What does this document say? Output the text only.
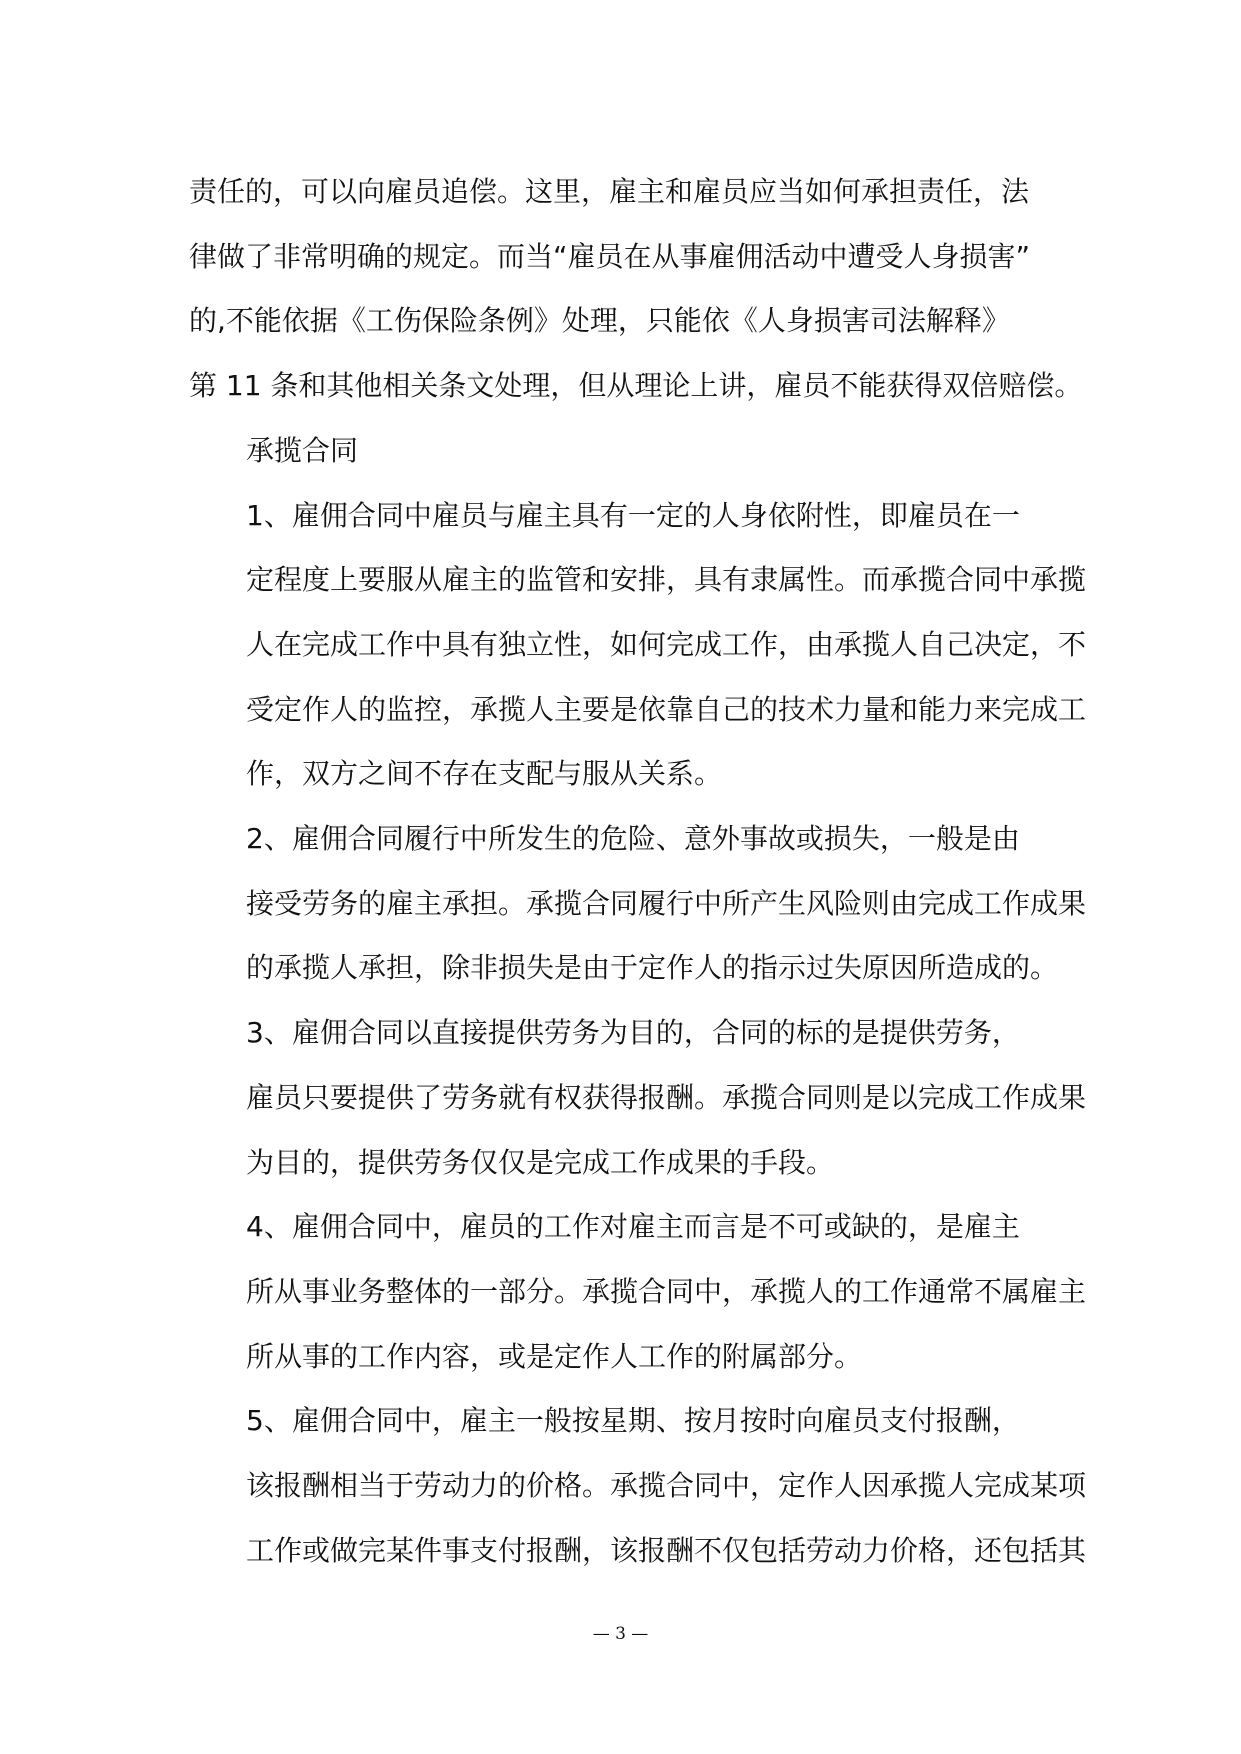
责任的，可以向雇员追偿。这里，雇主和雇员应当如何承担责任，法
律做了非常明确的规定。而当“雇员在从事雇佣活动中遭受人身损害”
的,不能依据《工伤保险条例》处理，只能依《人身损害司法解释》
第 11 条和其他相关条文处理，但从理论上讲，雇员不能获得双倍赔偿。

承揽合同

1、雇佣合同中雇员与雇主具有一定的人身依附性，即雇员在一
定程度上要服从雇主的监管和安排，具有隶属性。而承揽合同中承揽
人在完成工作中具有独立性，如何完成工作，由承揽人自己决定，不
受定作人的监控，承揽人主要是依靠自己的技术力量和能力来完成工
作，双方之间不存在支配与服从关系。

2、雇佣合同履行中所发生的危险、意外事故或损失，一般是由
接受劳务的雇主承担。承揽合同履行中所产生风险则由完成工作成果
的承揽人承担，除非损失是由于定作人的指示过失原因所造成的。

3、雇佣合同以直接提供劳务为目的，合同的标的是提供劳务，
雇员只要提供了劳务就有权获得报酬。承揽合同则是以完成工作成果
为目的，提供劳务仅仅是完成工作成果的手段。

4、雇佣合同中，雇员的工作对雇主而言是不可或缺的，是雇主
所从事业务整体的一部分。承揽合同中，承揽人的工作通常不属雇主
所从事的工作内容，或是定作人工作的附属部分。

5、雇佣合同中，雇主一般按星期、按月按时向雇员支付报酬，
该报酬相当于劳动力的价格。承揽合同中，定作人因承揽人完成某项
工作或做完某件事支付报酬，该报酬不仅包括劳动力价格，还包括其

— 3 —
